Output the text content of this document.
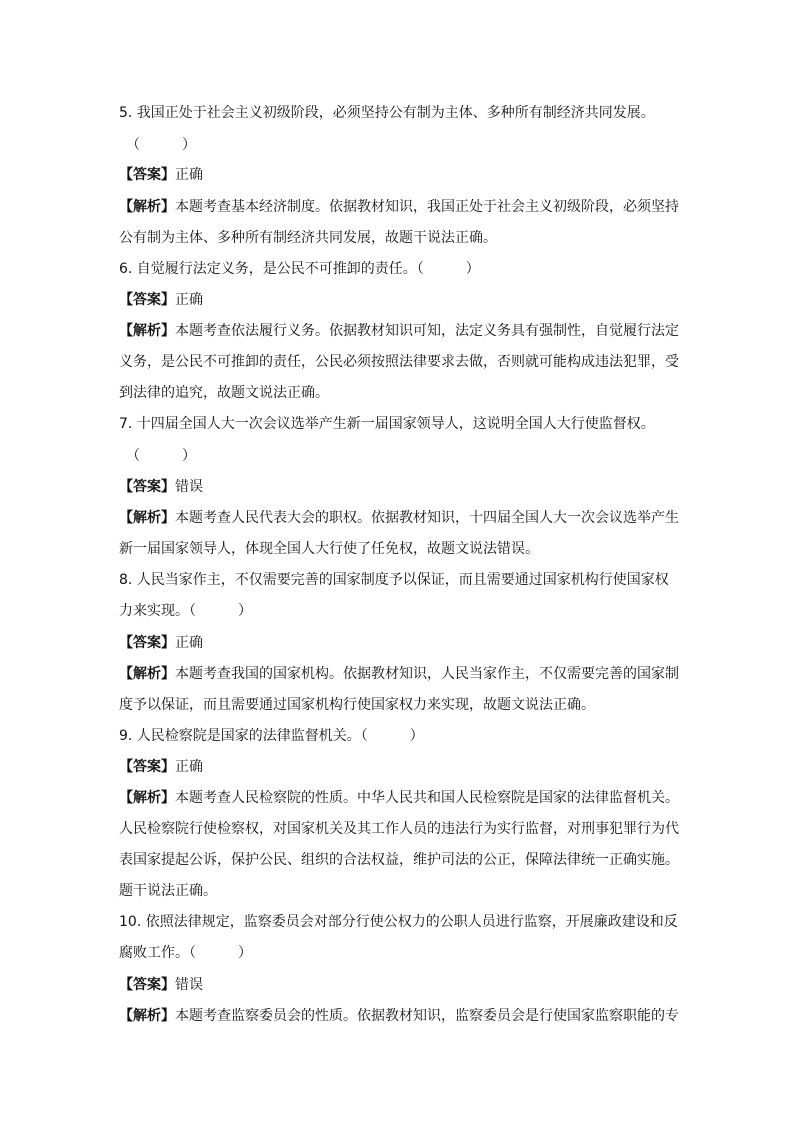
5. 我国正处于社会主义初级阶段，必须坚持公有制为主体、多种所有制经济共同发展。
（　　　）
【答案】正确
【解析】本题考查基本经济制度。依据教材知识，我国正处于社会主义初级阶段，必须坚持
公有制为主体、多种所有制经济共同发展，故题干说法正确。
6. 自觉履行法定义务，是公民不可推卸的责任。（　　　）
【答案】正确
【解析】本题考查依法履行义务。依据教材知识可知，法定义务具有强制性，自觉履行法定
义务，是公民不可推卸的责任，公民必须按照法律要求去做，否则就可能构成违法犯罪，受
到法律的追究，故题文说法正确。
7. 十四届全国人大一次会议选举产生新一届国家领导人，这说明全国人大行使监督权。
（　　　）
【答案】错误
【解析】本题考查人民代表大会的职权。依据教材知识，十四届全国人大一次会议选举产生
新一届国家领导人，体现全国人大行使了任免权，故题文说法错误。
8. 人民当家作主，不仅需要完善的国家制度予以保证，而且需要通过国家机构行使国家权
力来实现。（　　　）
【答案】正确
【解析】本题考查我国的国家机构。依据教材知识，人民当家作主，不仅需要完善的国家制
度予以保证，而且需要通过国家机构行使国家权力来实现，故题文说法正确。
9. 人民检察院是国家的法律监督机关。（　　　）
【答案】正确
【解析】本题考查人民检察院的性质。中华人民共和国人民检察院是国家的法律监督机关。
人民检察院行使检察权，对国家机关及其工作人员的违法行为实行监督，对刑事犯罪行为代
表国家提起公诉，保护公民、组织的合法权益，维护司法的公正，保障法律统一正确实施。
题干说法正确。
10. 依照法律规定，监察委员会对部分行使公权力的公职人员进行监察，开展廉政建设和反
腐败工作。（　　　）
【答案】错误
【解析】本题考查监察委员会的性质。依据教材知识，监察委员会是行使国家监察职能的专
